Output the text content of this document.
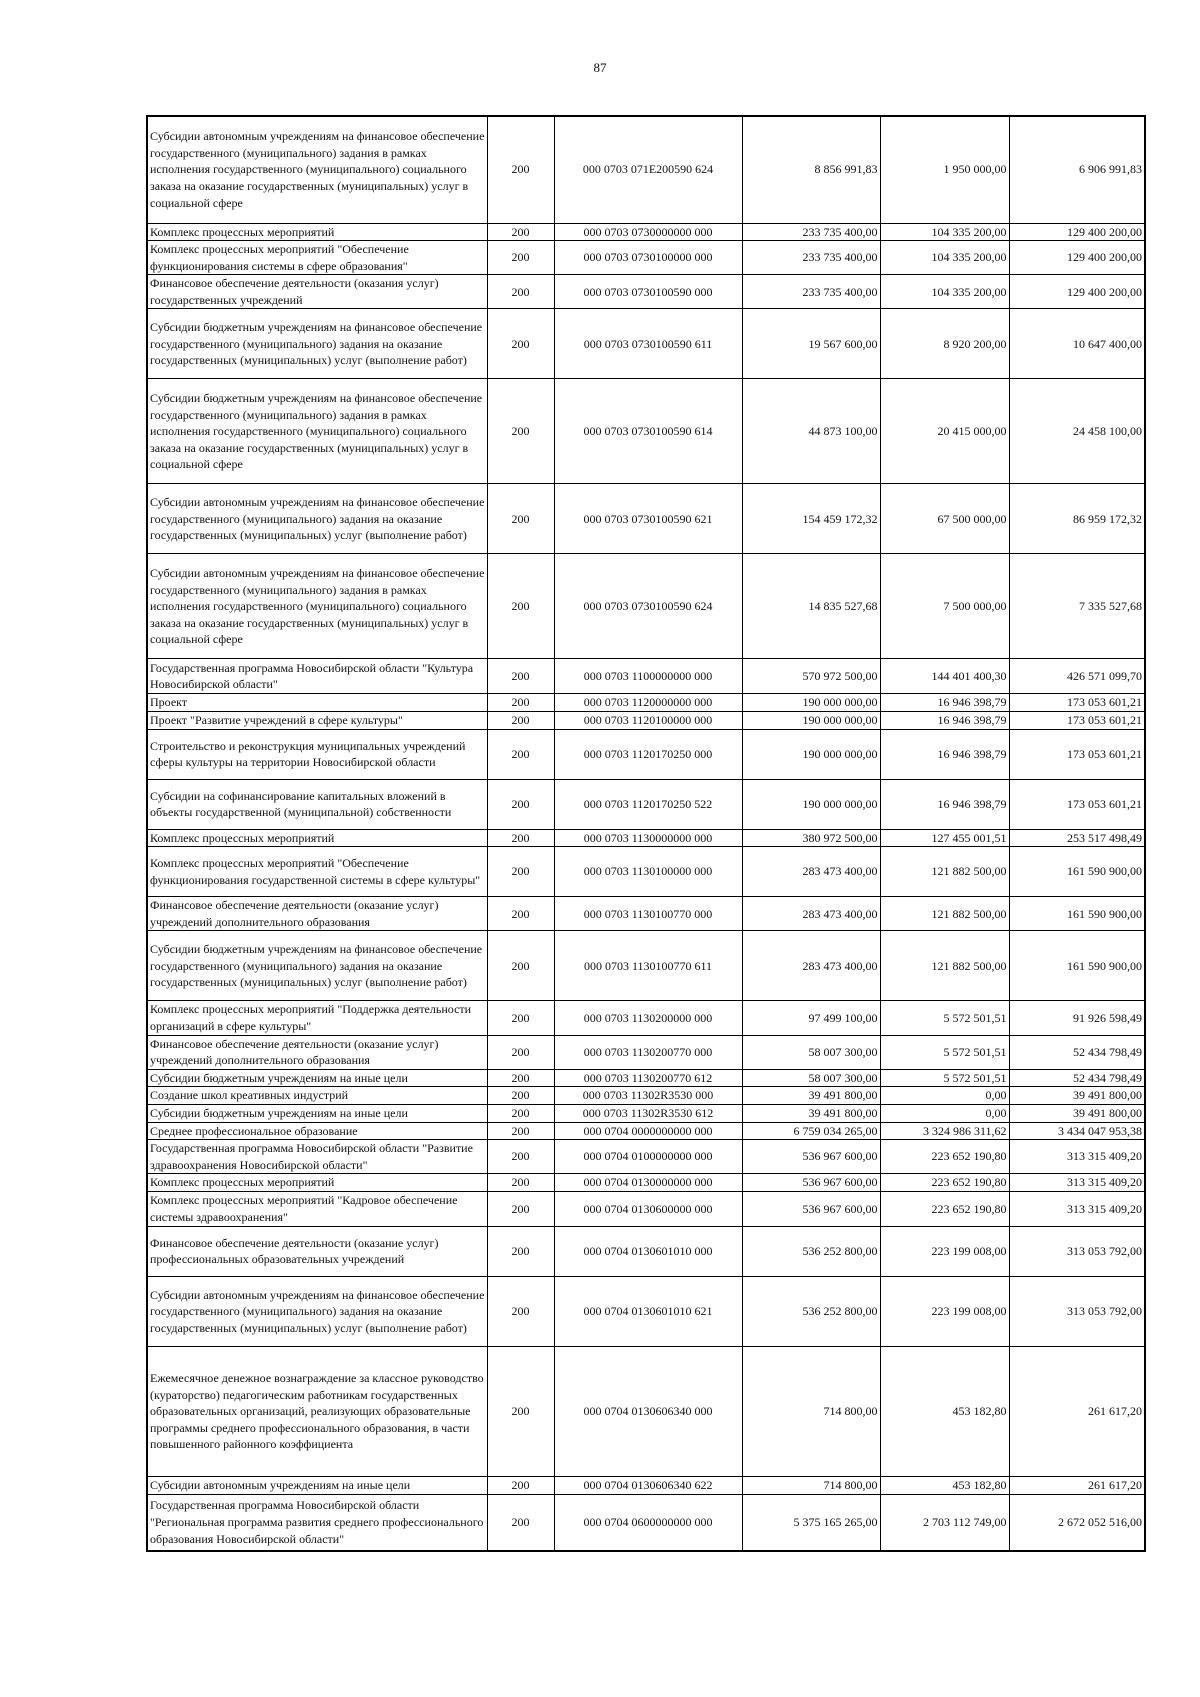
87
Субсидии автономным учреждениям на финансовое обеспечение государственного (муниципального) задания в рамках исполнения государственного (муниципального) социального заказа на оказание государственных (муниципальных) услуг в социальной сфере	200	000 0703 071E200590 624	8 856 991,83	1 950 000,00	6 906 991,83
Комплекс процессных мероприятий	200	000 0703 0730000000 000	233 735 400,00	104 335 200,00	129 400 200,00
Комплекс процессных мероприятий "Обеспечение функционирования системы в сфере образования"	200	000 0703 0730100000 000	233 735 400,00	104 335 200,00	129 400 200,00
Финансовое обеспечение деятельности (оказания услуг) государственных учреждений	200	000 0703 0730100590 000	233 735 400,00	104 335 200,00	129 400 200,00
Субсидии бюджетным учреждениям на финансовое обеспечение государственного (муниципального) задания на оказание государственных (муниципальных) услуг (выполнение работ)	200	000 0703 0730100590 611	19 567 600,00	8 920 200,00	10 647 400,00
Субсидии бюджетным учреждениям на финансовое обеспечение государственного (муниципального) задания в рамках исполнения государственного (муниципального) социального заказа на оказание государственных (муниципальных) услуг в социальной сфере	200	000 0703 0730100590 614	44 873 100,00	20 415 000,00	24 458 100,00
Субсидии автономным учреждениям на финансовое обеспечение государственного (муниципального) задания на оказание государственных (муниципальных) услуг (выполнение работ)	200	000 0703 0730100590 621	154 459 172,32	67 500 000,00	86 959 172,32
Субсидии автономным учреждениям на финансовое обеспечение государственного (муниципального) задания в рамках исполнения государственного (муниципального) социального заказа на оказание государственных (муниципальных) услуг в социальной сфере	200	000 0703 0730100590 624	14 835 527,68	7 500 000,00	7 335 527,68
Государственная программа Новосибирской области "Культура Новосибирской области"	200	000 0703 1100000000 000	570 972 500,00	144 401 400,30	426 571 099,70
Проект	200	000 0703 1120000000 000	190 000 000,00	16 946 398,79	173 053 601,21
Проект "Развитие учреждений в сфере культуры"	200	000 0703 1120100000 000	190 000 000,00	16 946 398,79	173 053 601,21
Строительство и реконструкция муниципальных учреждений сферы культуры на территории Новосибирской области	200	000 0703 1120170250 000	190 000 000,00	16 946 398,79	173 053 601,21
Субсидии на софинансирование капитальных вложений в объекты государственной (муниципальной) собственности	200	000 0703 1120170250 522	190 000 000,00	16 946 398,79	173 053 601,21
Комплекс процессных мероприятий	200	000 0703 1130000000 000	380 972 500,00	127 455 001,51	253 517 498,49
Комплекс процессных мероприятий "Обеспечение функционирования государственной системы в сфере культуры"	200	000 0703 1130100000 000	283 473 400,00	121 882 500,00	161 590 900,00
Финансовое обеспечение деятельности (оказание услуг) учреждений дополнительного образования	200	000 0703 1130100770 000	283 473 400,00	121 882 500,00	161 590 900,00
Субсидии бюджетным учреждениям на финансовое обеспечение государственного (муниципального) задания на оказание государственных (муниципальных) услуг (выполнение работ)	200	000 0703 1130100770 611	283 473 400,00	121 882 500,00	161 590 900,00
Комплекс процессных мероприятий "Поддержка деятельности организаций в сфере культуры"	200	000 0703 1130200000 000	97 499 100,00	5 572 501,51	91 926 598,49
Финансовое обеспечение деятельности (оказание услуг) учреждений дополнительного образования	200	000 0703 1130200770 000	58 007 300,00	5 572 501,51	52 434 798,49
Субсидии бюджетным учреждениям на иные цели	200	000 0703 1130200770 612	58 007 300,00	5 572 501,51	52 434 798,49
Создание школ креативных индустрий	200	000 0703 11302R3530 000	39 491 800,00	0,00	39 491 800,00
Субсидии бюджетным учреждениям на иные цели	200	000 0703 11302R3530 612	39 491 800,00	0,00	39 491 800,00
Среднее профессиональное образование	200	000 0704 0000000000 000	6 759 034 265,00	3 324 986 311,62	3 434 047 953,38
Государственная программа Новосибирской области "Развитие здравоохранения Новосибирской области"	200	000 0704 0100000000 000	536 967 600,00	223 652 190,80	313 315 409,20
Комплекс процессных мероприятий	200	000 0704 0130000000 000	536 967 600,00	223 652 190,80	313 315 409,20
Комплекс процессных мероприятий "Кадровое обеспечение системы здравоохранения"	200	000 0704 0130600000 000	536 967 600,00	223 652 190,80	313 315 409,20
Финансовое обеспечение деятельности (оказание услуг) профессиональных образовательных учреждений	200	000 0704 0130601010 000	536 252 800,00	223 199 008,00	313 053 792,00
Субсидии автономным учреждениям на финансовое обеспечение государственного (муниципального) задания на оказание государственных (муниципальных) услуг (выполнение работ)	200	000 0704 0130601010 621	536 252 800,00	223 199 008,00	313 053 792,00
Ежемесячное денежное вознаграждение за классное руководство (кураторство) педагогическим работникам государственных образовательных организаций, реализующих образовательные программы среднего профессионального образования, в части повышенного районного коэффициента	200	000 0704 0130606340 000	714 800,00	453 182,80	261 617,20
Субсидии автономным учреждениям на иные цели	200	000 0704 0130606340 622	714 800,00	453 182,80	261 617,20
Государственная программа Новосибирской области "Региональная программа развития среднего профессионального образования Новосибирской области"	200	000 0704 0600000000 000	5 375 165 265,00	2 703 112 749,00	2 672 052 516,00
